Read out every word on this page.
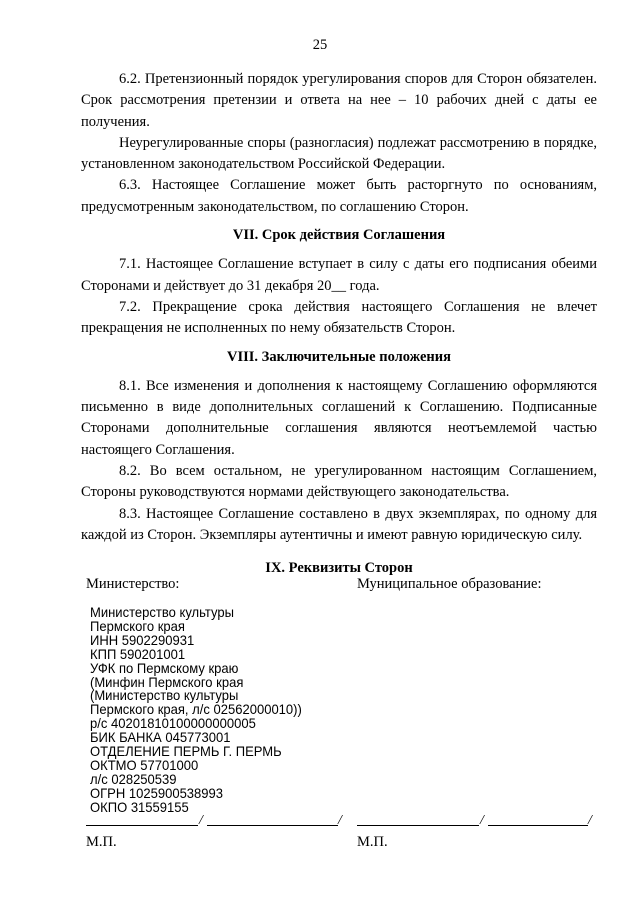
25

6.2. Претензионный порядок урегулирования споров для Сторон обязателен. Срок рассмотрения претензии и ответа на нее – 10 рабочих дней с даты ее получения.

Неурегулированные споры (разногласия) подлежат рассмотрению в порядке, установленном законодательством Российской Федерации.

6.3. Настоящее Соглашение может быть расторгнуто по основаниям, предусмотренным законодательством, по соглашению Сторон.

VII. Срок действия Соглашения

7.1. Настоящее Соглашение вступает в силу с даты его подписания обеими Сторонами и действует до 31 декабря 20__ года.

7.2. Прекращение срока действия настоящего Соглашения не влечет прекращения не исполненных по нему обязательств Сторон.

VIII. Заключительные положения

8.1. Все изменения и дополнения к настоящему Соглашению оформляются письменно в виде дополнительных соглашений к Соглашению. Подписанные Сторонами дополнительные соглашения являются неотъемлемой частью настоящего Соглашения.

8.2. Во всем остальном, не урегулированном настоящим Соглашением, Стороны руководствуются нормами действующего законодательства.

8.3. Настоящее Соглашение составлено в двух экземплярах, по одному для каждой из Сторон. Экземпляры аутентичны и имеют равную юридическую силу.

IX. Реквизиты Сторон
Министерство:	Муниципальное образование:
Министерство культуры
Пермского края
ИНН 5902290931
КПП 590201001
УФК по Пермскому краю
(Минфин Пермского края
(Министерство культуры
Пермского края, л/с 02562000010))
р/с 40201810100000000005
БИК БАНКА 045773001
ОТДЕЛЕНИЕ ПЕРМЬ Г. ПЕРМЬ
ОКТМО 57701000
л/с 028250539
ОГРН 1025900538993
ОКПО 31559155
/	/	/	/
М.П.	М.П.
